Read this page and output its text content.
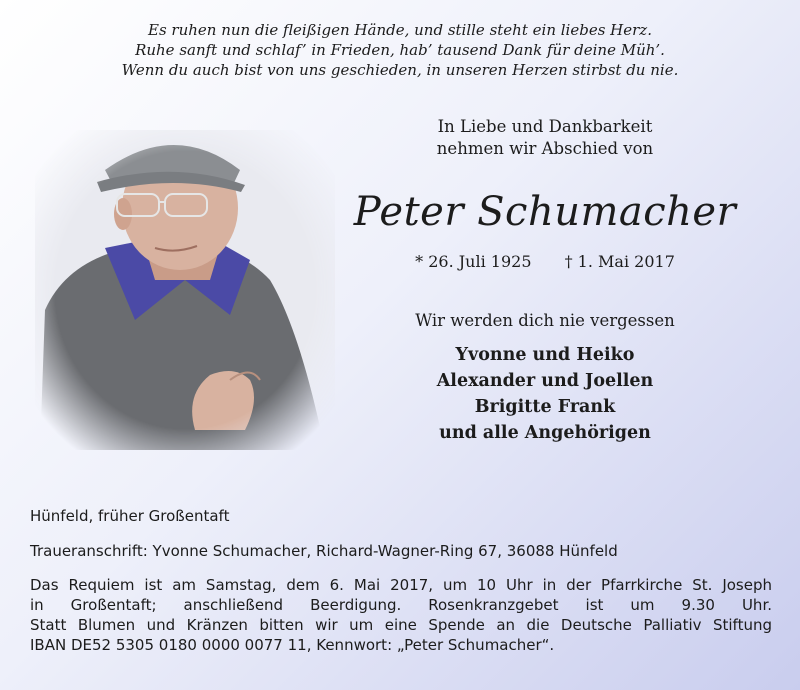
Es ruhen nun die fleißigen Hände, und stille steht ein liebes Herz.
Ruhe sanft und schlaf’ in Frieden, hab’ tausend Dank für deine Müh’.
Wenn du auch bist von uns geschieden, in unseren Herzen stirbst du nie.
In Liebe und Dankbarkeit
nehmen wir Abschied von
Peter Schumacher
* 26. Juli 1925 † 1. Mai 2017
Wir werden dich nie vergessen
Yvonne und Heiko
Alexander und Joellen
Brigitte Frank
und alle Angehörigen
Hünfeld, früher Großentaft
Traueranschrift: Yvonne Schumacher, Richard-Wagner-Ring 67, 36088 Hünfeld
Das Requiem ist am Samstag, dem 6. Mai 2017, um 10 Uhr in der Pfarrkirche St. Joseph
in Großentaft; anschließend Beerdigung. Rosenkranzgebet ist um 9.30 Uhr.
Statt Blumen und Kränzen bitten wir um eine Spende an die Deutsche Palliativ Stiftung
IBAN DE52 5305 0180 0000 0077 11, Kennwort: „Peter Schumacher“.
